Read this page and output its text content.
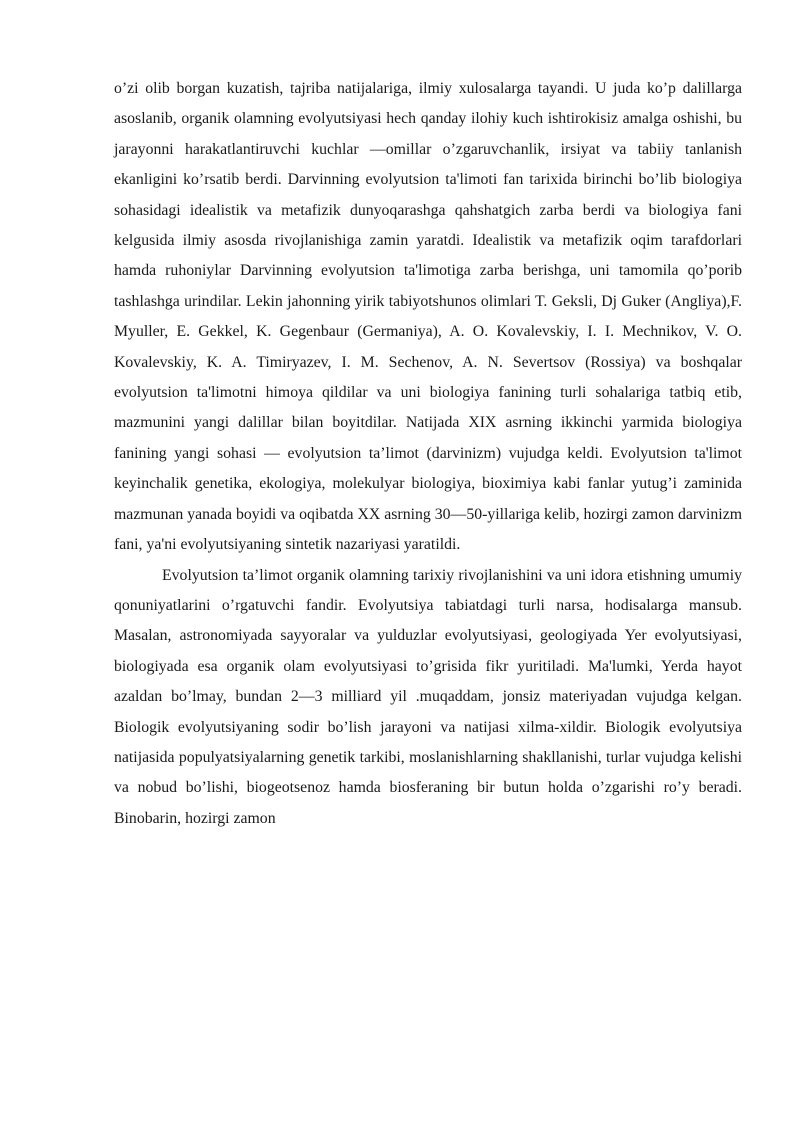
o’zi olib borgan kuzatish, tajriba natijalariga, ilmiy xulosalarga tayandi. U juda ko’p dalillarga asoslanib, organik olamning evolyutsiyasi hech qanday ilohiy kuch ishtirokisiz amalga oshishi, bu jarayonni harakatlantiruvchi kuchlar —omillar o’zgaruvchanlik, irsiyat va tabiiy tanlanish ekanligini ko’rsatib berdi. Darvinning evolyutsion ta'limoti fan tarixida birinchi bo’lib biologiya sohasidagi idealistik va metafizik dunyoqarashga qahshatgich zarba berdi va biologiya fani kelgusida ilmiy asosda rivojlanishiga zamin yaratdi. Idealistik va metafizik oqim tarafdorlari hamda ruhoniylar Darvinning evolyutsion ta'limotiga zarba berishga, uni tamomila qo’porib tashlashga urindilar. Lekin jahonning yirik tabiyotshunos olimlari T. Geksli, Dj Guker (Angliya),F. Myuller, E. Gekkel, K. Gegenbaur (Germaniya), A. O. Kovalevskiy, I. I. Mechnikov, V. O. Kovalevskiy, K. A. Timiryazev, I. M. Sechenov, A. N. Severtsov (Rossiya) va boshqalar evolyutsion ta'limotni himoya qildilar va uni biologiya fanining turli sohalariga tatbiq etib, mazmunini yangi dalillar bilan boyitdilar. Natijada XIX asrning ikkinchi yarmida biologiya fanining yangi sohasi — evolyutsion ta’limot (darvinizm) vujudga keldi. Evolyutsion ta'limot keyinchalik genetika, ekologiya, molekulyar biologiya, bioximiya kabi fanlar yutug’i zaminida mazmunan yanada boyidi va oqibatda XX asrning 30—50-yillariga kelib, hozirgi zamon darvinizm fani, ya'ni evolyutsiyaning sintetik nazariyasi yaratildi.

Evolyutsion ta’limot organik olamning tarixiy rivojlanishini va uni idora etishning umumiy qonuniyatlarini o’rgatuvchi fandir. Evolyutsiya tabiatdagi turli narsa, hodisalarga mansub. Masalan, astronomiyada sayyoralar va yulduzlar evolyutsiyasi, geologiyada Yer evolyutsiyasi, biologiyada esa organik olam evolyutsiyasi to’grisida fikr yuritiladi. Ma'lumki, Yerda hayot azaldan bo’lmay, bundan 2—3 milliard yil .muqaddam, jonsiz materiyadan vujudga kelgan. Biologik evolyutsiyaning sodir bo’lish jarayoni va natijasi xilma-xildir. Biologik evolyutsiya natijasida populyatsiyalarning genetik tarkibi, moslanishlarning shakllanishi, turlar vujudga kelishi va nobud bo’lishi, biogeotsenoz hamda biosferaning bir butun holda o’zgarishi ro’y beradi. Binobarin, hozirgi zamon
